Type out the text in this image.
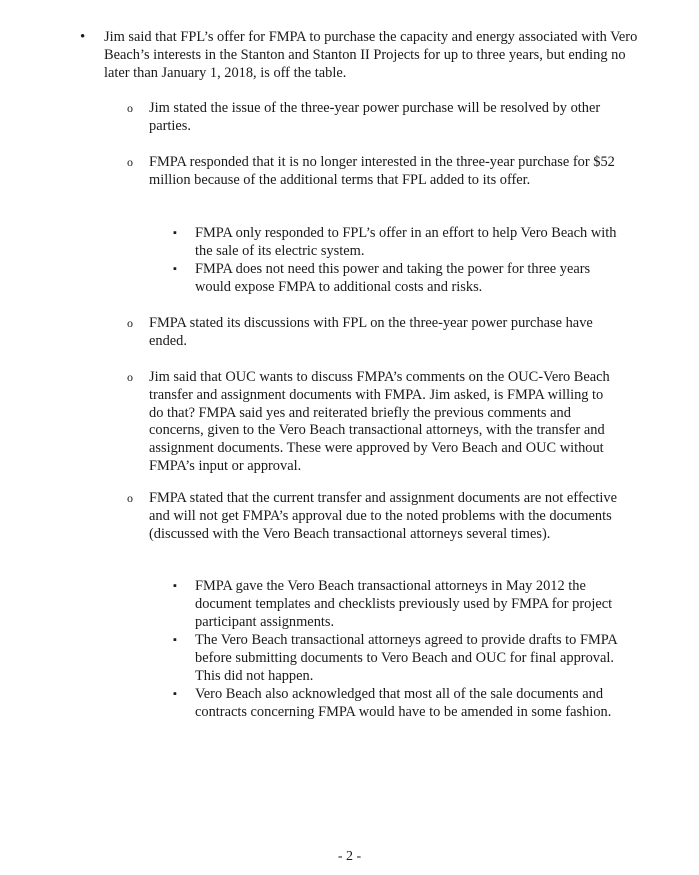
•	Jim said that FPL’s offer for FMPA to purchase the capacity and energy associated with Vero Beach’s interests in the Stanton and Stanton II Projects for up to three years, but ending no later than January 1, 2018, is off the table.
o	Jim stated the issue of the three-year power purchase will be resolved by other parties.
o	FMPA responded that it is no longer interested in the three-year purchase for $52 million because of the additional terms that FPL added to its offer.
▪	FMPA only responded to FPL’s offer in an effort to help Vero Beach with the sale of its electric system.
▪	FMPA does not need this power and taking the power for three years would expose FMPA to additional costs and risks.
o	FMPA stated its discussions with FPL on the three-year power purchase have ended.
o	Jim said that OUC wants to discuss FMPA’s comments on the OUC-Vero Beach transfer and assignment documents with FMPA. Jim asked, is FMPA willing to do that? FMPA said yes and reiterated briefly the previous comments and concerns, given to the Vero Beach transactional attorneys, with the transfer and assignment documents. These were approved by Vero Beach and OUC without FMPA’s input or approval.
o	FMPA stated that the current transfer and assignment documents are not effective and will not get FMPA’s approval due to the noted problems with the documents (discussed with the Vero Beach transactional attorneys several times).
▪	FMPA gave the Vero Beach transactional attorneys in May 2012 the document templates and checklists previously used by FMPA for project participant assignments.
▪	The Vero Beach transactional attorneys agreed to provide drafts to FMPA before submitting documents to Vero Beach and OUC for final approval. This did not happen.
▪	Vero Beach also acknowledged that most all of the sale documents and contracts concerning FMPA would have to be amended in some fashion.
- 2 -
